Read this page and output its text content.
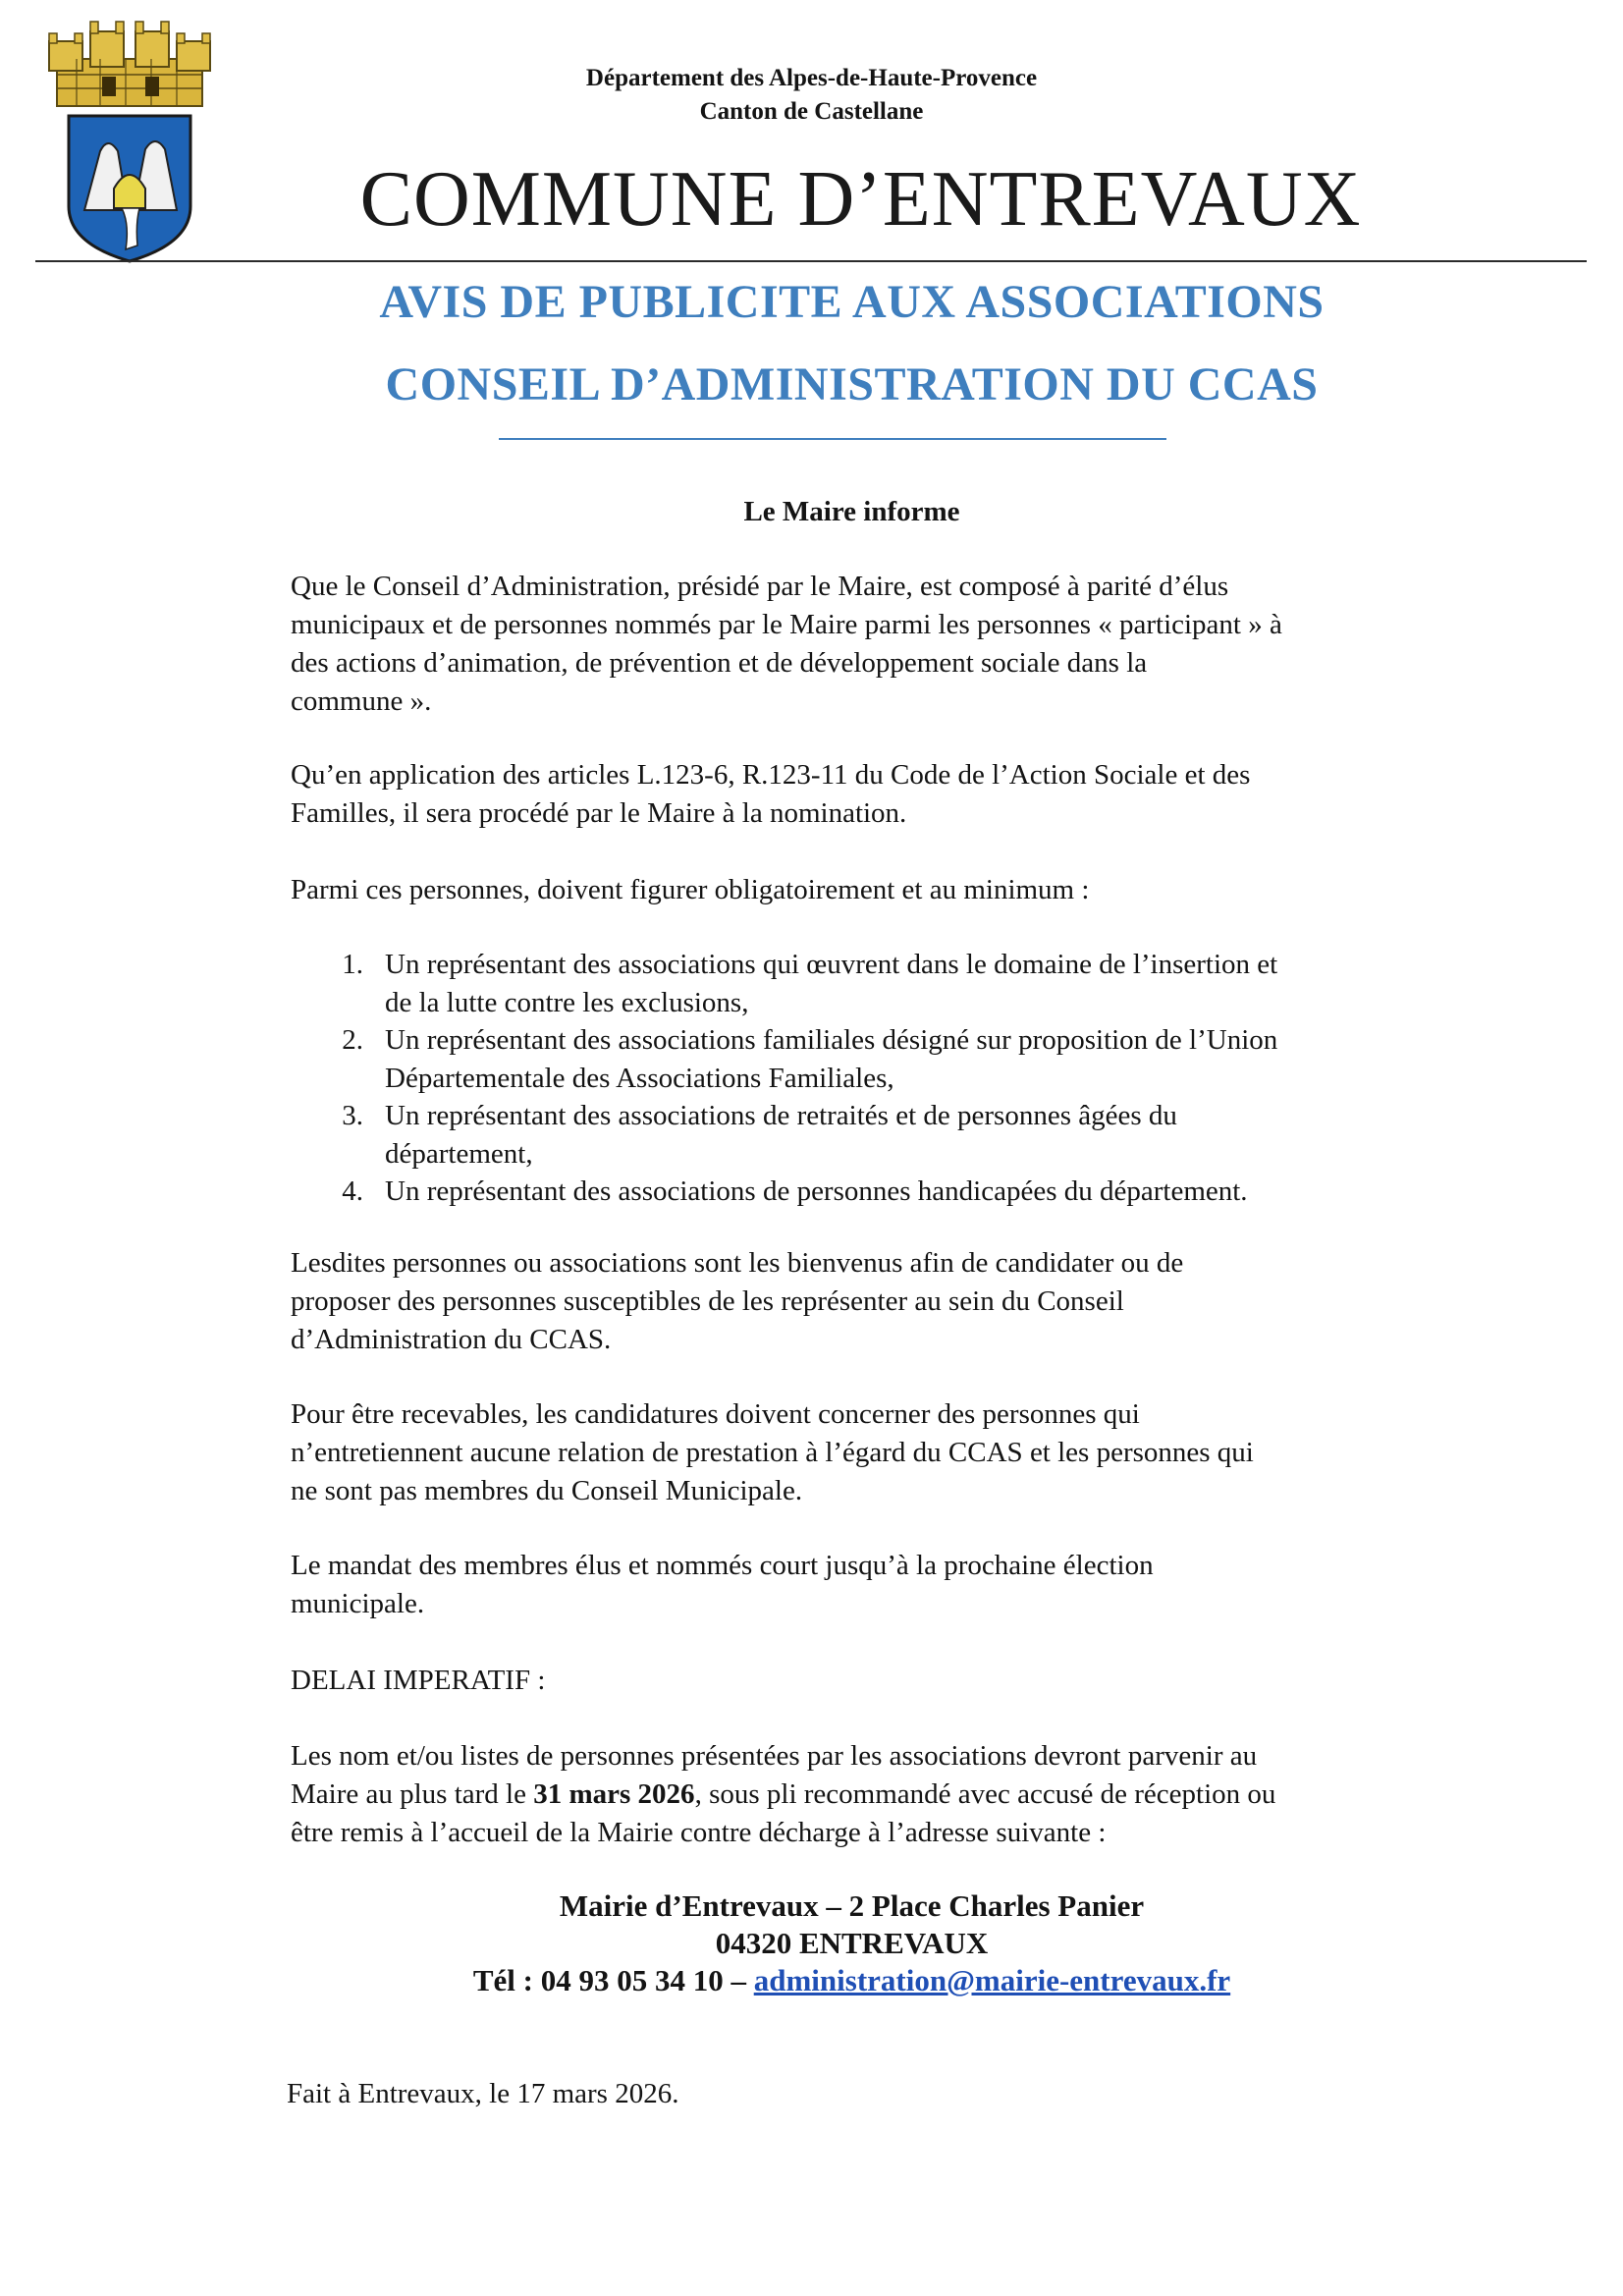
Département des Alpes-de-Haute-Provence
Canton de Castellane
COMMUNE D’ENTREVAUX
AVIS DE PUBLICITE AUX ASSOCIATIONS
CONSEIL D’ADMINISTRATION DU CCAS
Le Maire informe
Que le Conseil d’Administration, présidé par le Maire, est composé à parité d’élus
municipaux et de personnes nommés par le Maire parmi les personnes « participant » à
des actions d’animation, de prévention et de développement sociale dans la
commune ».
Qu’en application des articles L.123-6, R.123-11 du Code de l’Action Sociale et des
Familles, il sera procédé par le Maire à la nomination.
Parmi ces personnes, doivent figurer obligatoirement et au minimum :
1. Un représentant des associations qui œuvrent dans le domaine de l’insertion et
de la lutte contre les exclusions,
2. Un représentant des associations familiales désigné sur proposition de l’Union
Départementale des Associations Familiales,
3. Un représentant des associations de retraités et de personnes âgées du
département,
4. Un représentant des associations de personnes handicapées du département.
Lesdites personnes ou associations sont les bienvenus afin de candidater ou de
proposer des personnes susceptibles de les représenter au sein du Conseil
d’Administration du CCAS.
Pour être recevables, les candidatures doivent concerner des personnes qui
n’entretiennent aucune relation de prestation à l’égard du CCAS et les personnes qui
ne sont pas membres du Conseil Municipale.
Le mandat des membres élus et nommés court jusqu’à la prochaine élection
municipale.
DELAI IMPERATIF :
Les nom et/ou listes de personnes présentées par les associations devront parvenir au
Maire au plus tard le 31 mars 2026, sous pli recommandé avec accusé de réception ou
être remis à l’accueil de la Mairie contre décharge à l’adresse suivante :
Mairie d’Entrevaux – 2 Place Charles Panier
04320 ENTREVAUX
Tél : 04 93 05 34 10 – administration@mairie-entrevaux.fr
Fait à Entrevaux, le 17 mars 2026.
